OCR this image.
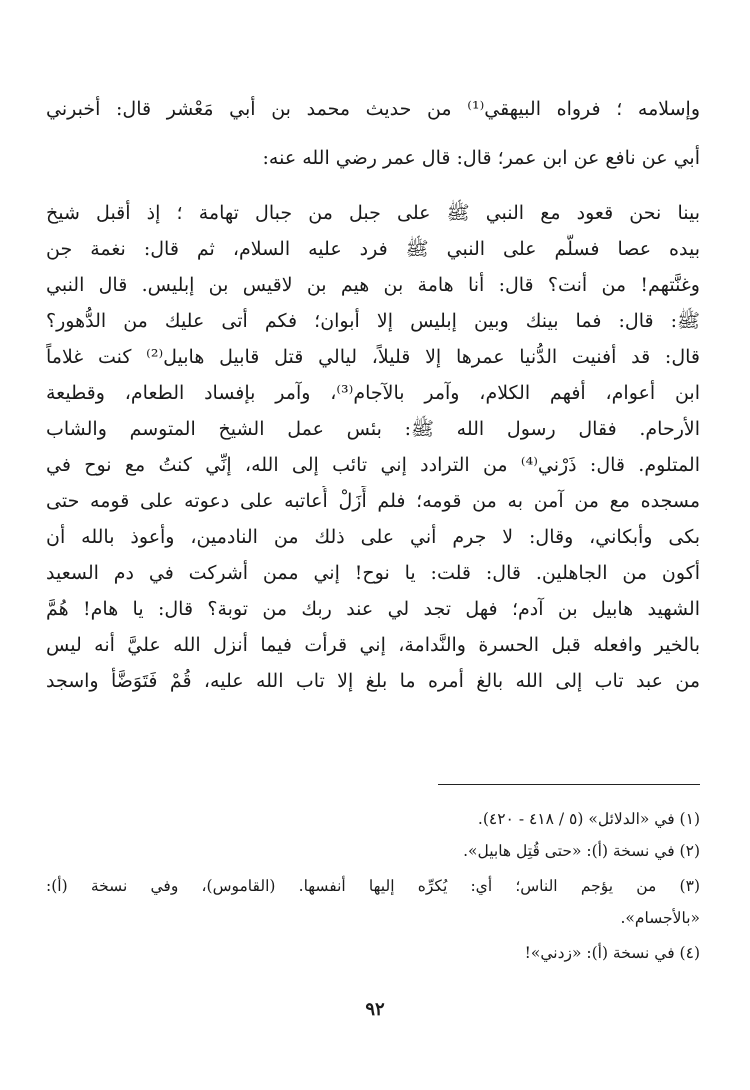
وإسلامه ؛ فرواه البيهقي⁽¹⁾ من حديث محمد بن أبي مَعْشر قال: أخبرني
أبي عن نافع عن ابن عمر؛ قال: قال عمر رضي الله عنه:
بينا نحن قعود مع النبي ﷺ على جبل من جبال تهامة ؛ إذ أقبل شيخ
بيده عصا فسلَّم على النبي ﷺ فرد عليه السلام، ثم قال: نغمة جن
وغنَّتهم! من أنت؟ قال: أنا هامة بن هيم بن لاقيس بن إبليس. قال النبي
ﷺ: قال: فما بينك وبين إبليس إلا أبوان؛ فكم أتى عليك من الدُّهور؟
قال: قد أفنيت الدُّنيا عمرها إلا قليلاً، ليالي قتل قابيل هابيل⁽²⁾ كنت غلاماً
ابن أعوام، أفهم الكلام، وآمر بالآجام⁽³⁾، وآمر بإفساد الطعام، وقطيعة
الأرحام. فقال رسول الله ﷺ: بئس عمل الشيخ المتوسم والشاب
المتلوم. قال: ذَرْني⁽⁴⁾ من الترادد إني تائب إلى الله، إنِّي كنتُ مع نوح في
مسجده مع من آمن به من قومه؛ فلم أَزَلْ أُعاتبه على دعوته على قومه حتى
بكى وأبكاني، وقال: لا جرم أني على ذلك من النادمين، وأعوذ بالله أن
أكون من الجاهلين. قال: قلت: يا نوح! إني ممن أشركت في دم السعيد
الشهيد هابيل بن آدم؛ فهل تجد لي عند ربك من توبة؟ قال: يا هام! هُمَّ
بالخير وافعله قبل الحسرة والنَّدامة، إني قرأت فيما أنزل الله عليَّ أنه ليس
من عبد تاب إلى الله بالغ أمره ما بلغ إلا تاب الله عليه، قُمْ فَتَوَضَّأْ واسجد
(١) في «الدلائل» (٥ / ٤١٨ - ٤٢٠).
(٢) في نسخة (أ): «حتى قُتِل هابيل».
(٣) من يؤجم الناس؛ أي: يُكرِّه إليها أنفسها. (القاموس)، وفي نسخة (أ):
«بالأجسام».
(٤) في نسخة (أ): «زدني»!
٩٢
